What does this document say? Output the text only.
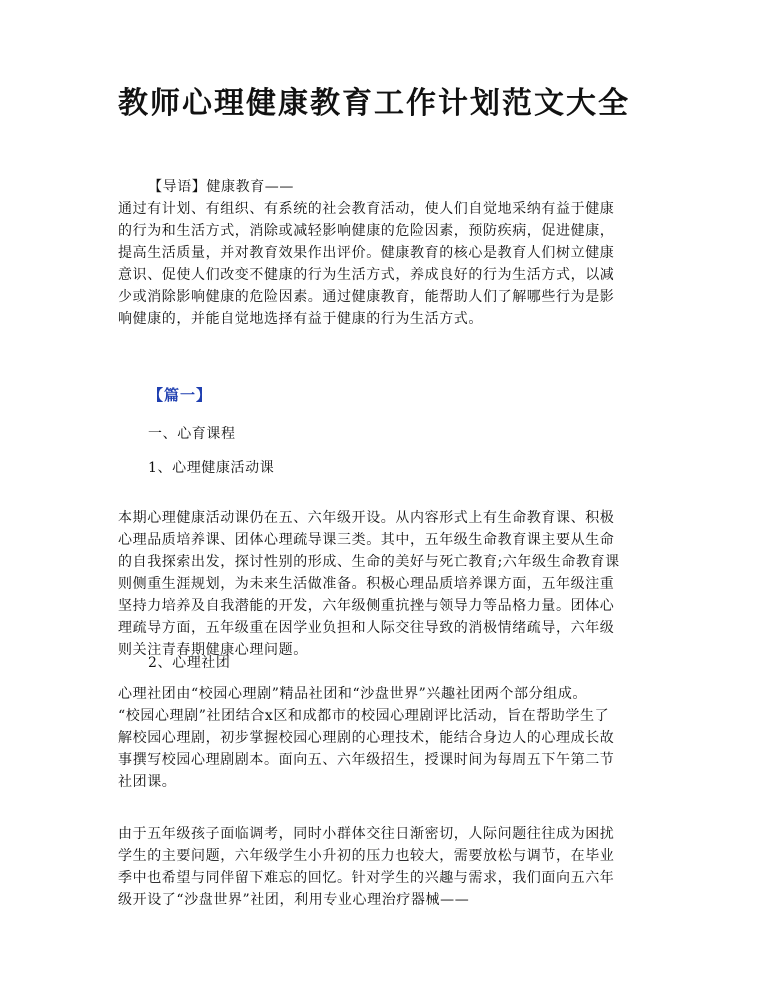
教师心理健康教育工作计划范文大全
【导语】健康教育——
通过有计划、有组织、有系统的社会教育活动，使人们自觉地采纳有益于健康
的行为和生活方式，消除或减轻影响健康的危险因素，预防疾病，促进健康，
提高生活质量，并对教育效果作出评价。健康教育的核心是教育人们树立健康
意识、促使人们改变不健康的行为生活方式，养成良好的行为生活方式，以减
少或消除影响健康的危险因素。通过健康教育，能帮助人们了解哪些行为是影
响健康的，并能自觉地选择有益于健康的行为生活方式。
【篇一】
一、心育课程
1、心理健康活动课
本期心理健康活动课仍在五、六年级开设。从内容形式上有生命教育课、积极
心理品质培养课、团体心理疏导课三类。其中，五年级生命教育课主要从生命
的自我探索出发，探讨性别的形成、生命的美好与死亡教育;六年级生命教育课
则侧重生涯规划，为未来生活做准备。积极心理品质培养课方面，五年级注重
坚持力培养及自我潜能的开发，六年级侧重抗挫与领导力等品格力量。团体心
理疏导方面，五年级重在因学业负担和人际交往导致的消极情绪疏导，六年级
则关注青春期健康心理问题。
2、心理社团
心理社团由“校园心理剧”精品社团和“沙盘世界”兴趣社团两个部分组成。
“校园心理剧”社团结合x区和成都市的校园心理剧评比活动，旨在帮助学生了
解校园心理剧，初步掌握校园心理剧的心理技术，能结合身边人的心理成长故
事撰写校园心理剧剧本。面向五、六年级招生，授课时间为每周五下午第二节
社团课。
由于五年级孩子面临调考，同时小群体交往日渐密切，人际问题往往成为困扰
学生的主要问题，六年级学生小升初的压力也较大，需要放松与调节，在毕业
季中也希望与同伴留下难忘的回忆。针对学生的兴趣与需求，我们面向五六年
级开设了“沙盘世界”社团，利用专业心理治疗器械——
